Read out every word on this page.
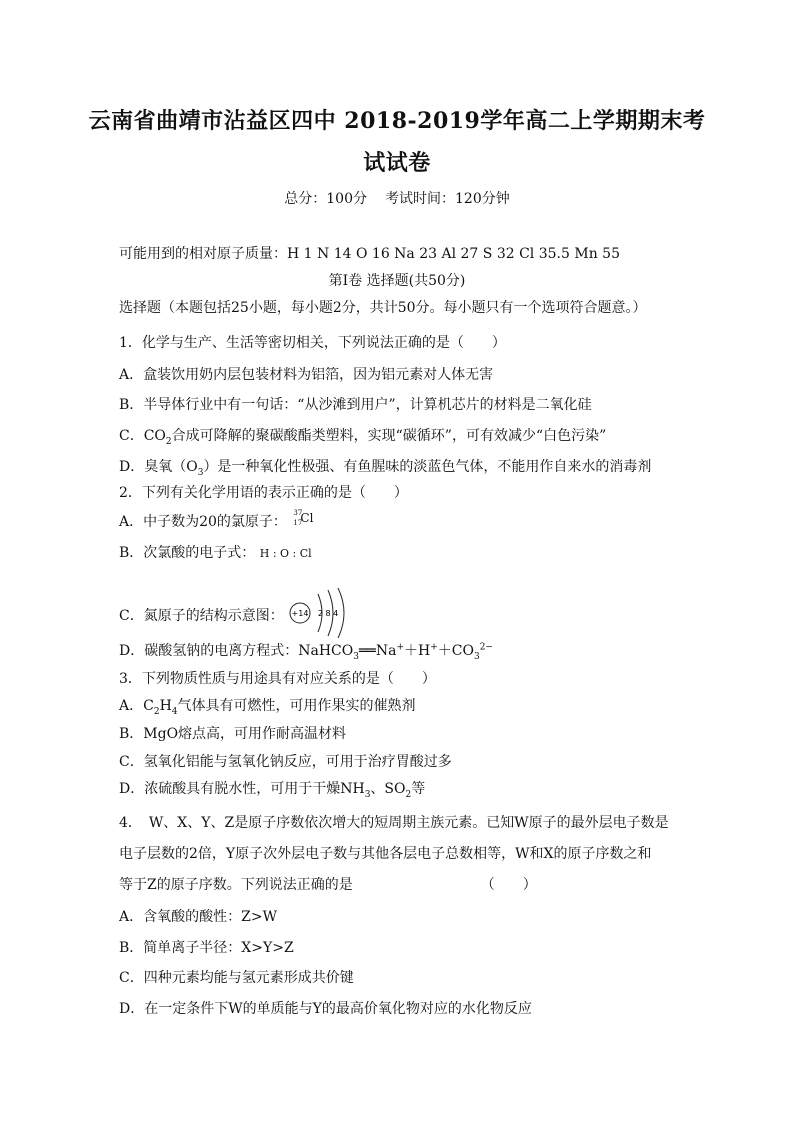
云南省曲靖市沾益区四中 2018-2019学年高二上学期期末考
试试卷
总分：100分 考试时间：120分钟
可能用到的相对原子质量：H 1 N 14 O 16 Na 23 Al 27 S 32 Cl 35.5 Mn 55
第Ⅰ卷 选择题(共50分)
选择题（本题包括25小题，每小题2分，共计50分。每小题只有一个选项符合题意。）
1．化学与生产、生活等密切相关，下列说法正确的是（　　）
A．盒装饮用奶内层包装材料为铝箔，因为铝元素对人体无害
B．半导体行业中有一句话：“从沙滩到用户”，计算机芯片的材料是二氧化硅
C．$CO_2$合成可降解的聚碳酸酯类塑料，实现“碳循环”，可有效减少“白色污染”
D．臭氧$(O_3)$是一种氧化性极强、有鱼腥味的淡蓝色气体，不能用作自来水的消毒剂
2．下列有关化学用语的表示正确的是（　　）
A．中子数为20的氯原子：
37
17
Cl
B．次氯酸的电子式： H : O : Cl
C．氮原子的结构示意图： +14 2 8 4
D．碳酸氢钠的电离方程式：$NaHCO_3══Na^++H^++CO_3^{2-}$
3．下列物质性质与用途具有对应关系的是（　　）
A．$C_2H_4$气体具有可燃性，可用作果实的催熟剂
B．MgO熔点高，可用作耐高温材料
C．氢氧化铝能与氢氧化钠反应，可用于治疗胃酸过多
D．浓硫酸具有脱水性，可用于干燥$NH_3$、$SO_2$等
4．　W、X、Y、Z是原子序数依次增大的短周期主族元素。已知W原子的最外层电子数是
电子层数的2倍，Y原子次外层电子数与其他各层电子总数相等，W和X的原子序数之和
等于Z的原子序数。下列说法正确的是	（　　）
A．含氧酸的酸性：Z>W
B．简单离子半径：X>Y>Z
C．四种元素均能与氢元素形成共价键
D．在一定条件下W的单质能与Y的最高价氧化物对应的水化物反应
